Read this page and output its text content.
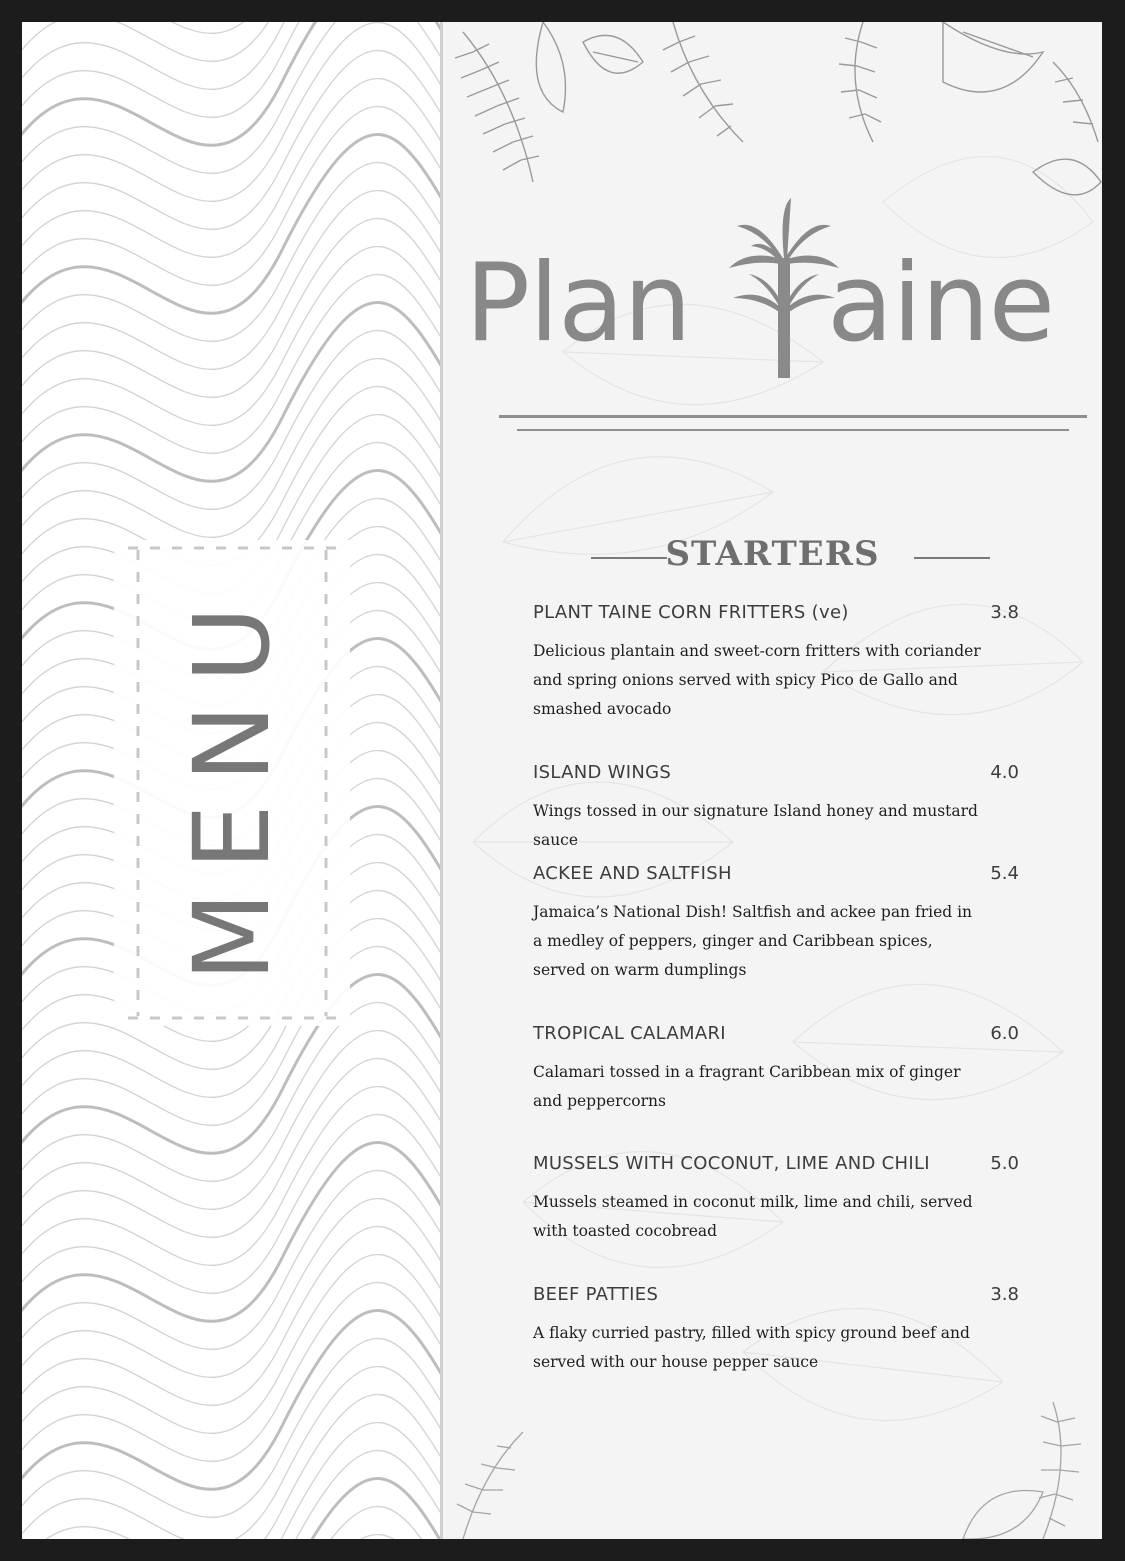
MENU
Plan aine
STARTERS
PLANT TAINE CORN FRITTERS (ve)	3.8
Delicious plantain and sweet-corn fritters with coriander and spring onions served with spicy Pico de Gallo and smashed avocado
ISLAND WINGS	4.0
Wings tossed in our signature Island honey and mustard sauce
ACKEE AND SALTFISH	5.4
Jamaica’s National Dish! Saltfish and ackee pan fried in a medley of peppers, ginger and Caribbean spices, served on warm dumplings
TROPICAL CALAMARI	6.0
Calamari tossed in a fragrant Caribbean mix of ginger and peppercorns
MUSSELS WITH COCONUT, LIME AND CHILI	5.0
Mussels steamed in coconut milk, lime and chili, served with toasted cocobread
BEEF PATTIES	3.8
A flaky curried pastry, filled with spicy ground beef and served with our house pepper sauce
